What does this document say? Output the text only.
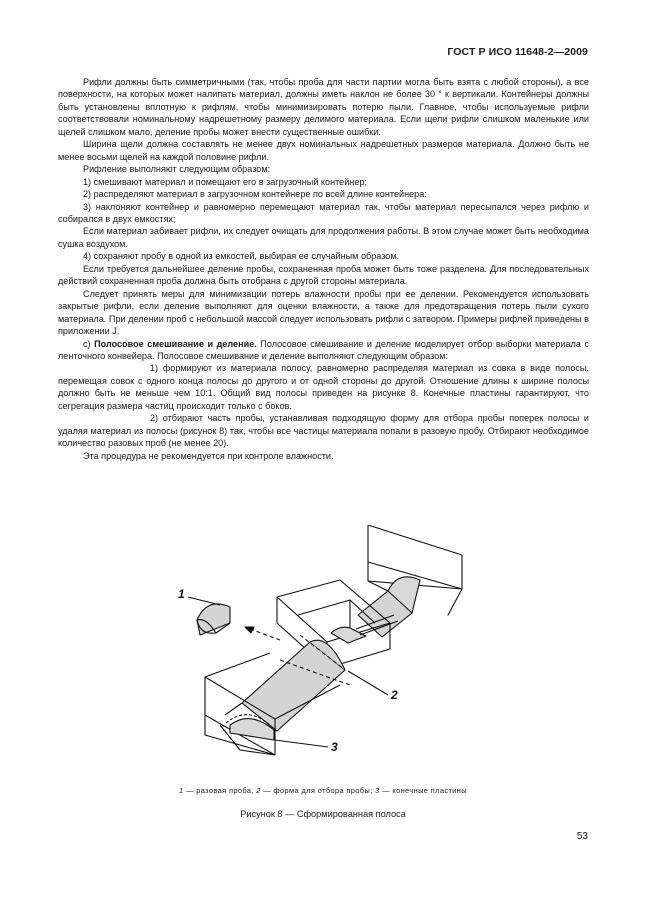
ГОСТ Р ИСО 11648-2—2009

Рифли должны быть симметричными (так, чтобы проба для части партии могла быть взята с любой стороны), а все поверхности, на которых может налипать материал, должны иметь наклон не более 30 ° к вертикали. Контейнеры должны быть установлены вплотную к рифлям, чтобы минимизировать потерю пыли. Главное, чтобы используемые рифли соответствовали номинальному надрешетному размеру делимого материала. Если щели рифли слишком маленькие или щелей слишком мало, деление пробы может внести существенные ошибки.

Ширина щели должна составлять не менее двух номинальных надрешетных размеров материала. Должно быть не менее восьми щелей на каждой половине рифли.

Рифление выполняют следующим образом:

1) смешивают материал и помещают его в загрузочный контейнер;

2) распределяют материал в загрузочном контейнере по всей длине контейнера;

3) наклоняют контейнер и равномерно перемещают материал так, чтобы материал пересыпался через рифлю и собирался в двух емкостях;

Если материал забивает рифли, их следует очищать для продолжения работы. В этом случае может быть необходима сушка воздухом.

4) сохраняют пробу в одной из емкостей, выбирая ее случайным образом.

Если требуется дальнейшее деление пробы, сохраненная проба может быть тоже разделена. Для последовательных действий сохраненная проба должна быть отобрана с другой стороны материала.

Следует принять меры для минимизации потерь влажности пробы при ее делении. Рекомендуется использовать закрытые рифли, если деление выполняют для оценки влажности, а также для предотвращения потерь пыли сухого материала. При делении проб с небольшой массой следует использовать рифли с затвором. Примеры рифлей приведены в приложении J.

c) Полосовое смешивание и деление. Полосовое смешивание и деление моделирует отбор выборки материала с ленточного конвейера. Полосовое смешивание и деление выполняют следующим образом:

1) формируют из материала полосу, равномерно распределяя материал из совка в виде полосы, перемещая совок с одного конца полосы до другого и от одной стороны до другой. Отношение длины к ширине полосы должно быть не меньше чем 10:1. Общий вид полосы приведен на рисунке 8. Конечные пластины гарантируют, что сегрегация размера частиц происходит только с боков.

2) отбирают часть пробы, устанавливая подходящую форму для отбора пробы поперек полосы и удаляя материал из полосы (рисунок 8) так, чтобы все частицы материала попали в разовую пробу. Отбирают необходимое количество разовых проб (не менее 20).

Эта процедура не рекомендуется при контроле влажности.

1
2
3
1 — разовая проба, 2 — форма для отбора пробы; 3 — конечные пластины
Рисунок 8 — Сформированная полоса
53
